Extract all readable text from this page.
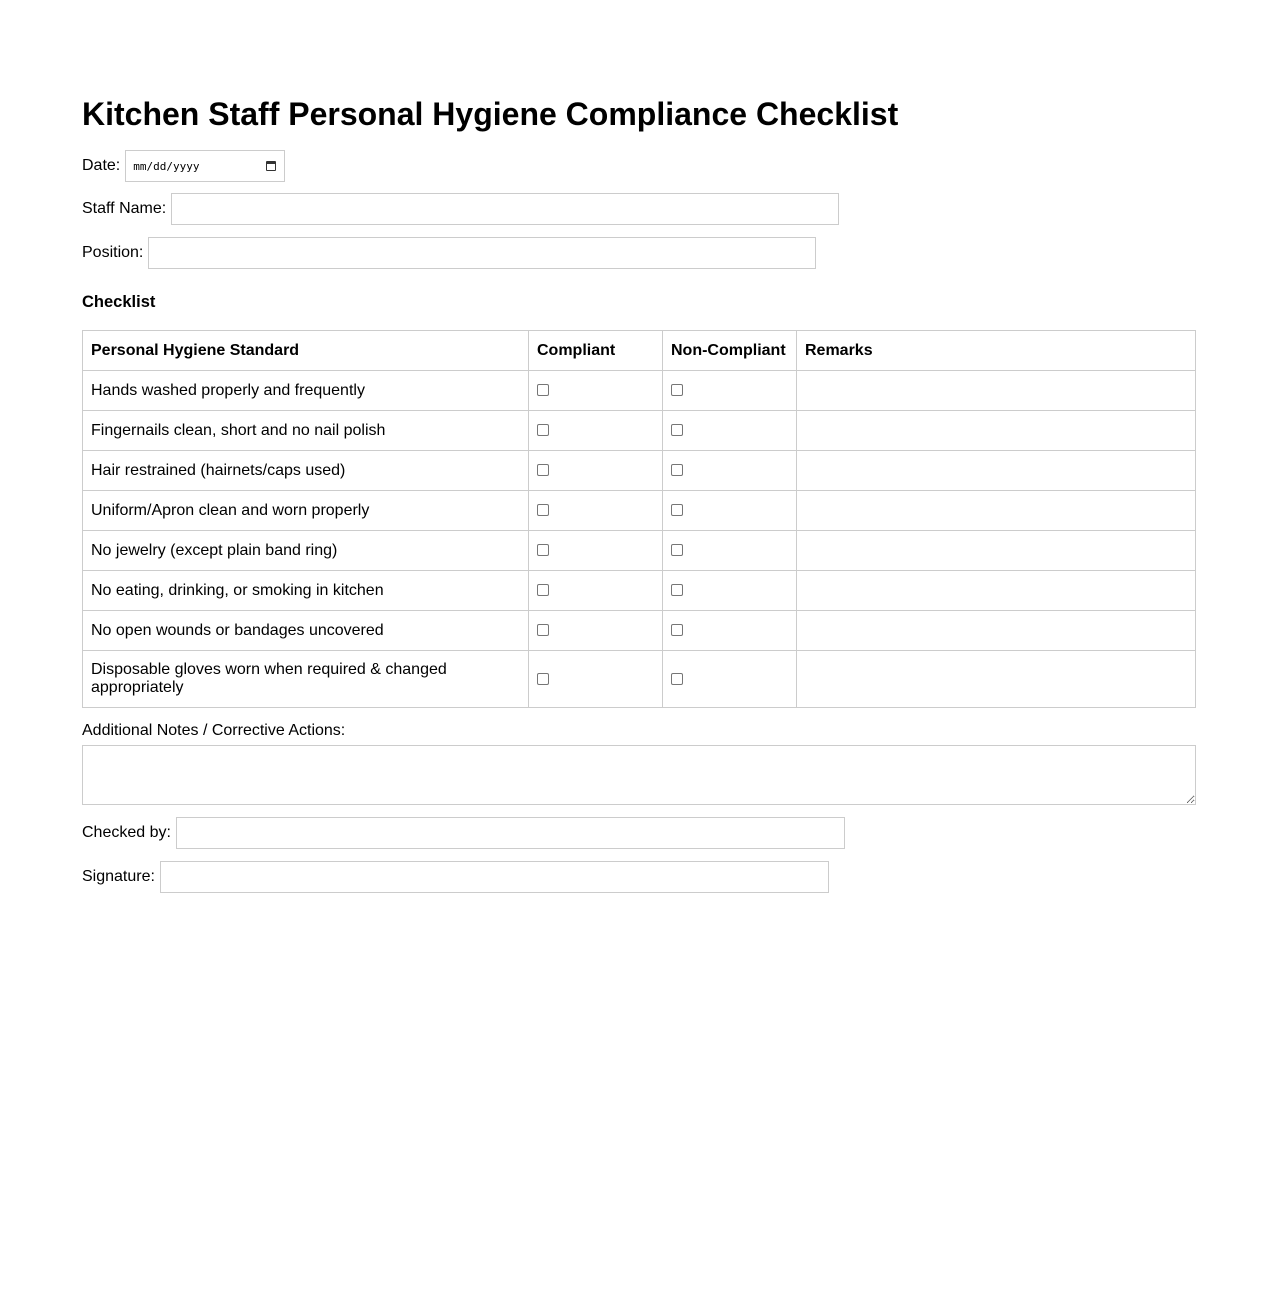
Kitchen Staff Personal Hygiene Compliance Checklist
Date: mm/dd/yyyy
Staff Name:
Position:
Checklist
Personal Hygiene Standard	Compliant	Non-Compliant	Remarks
Hands washed properly and frequently			
Fingernails clean, short and no nail polish			
Hair restrained (hairnets/caps used)			
Uniform/Apron clean and worn properly			
No jewelry (except plain band ring)			
No eating, drinking, or smoking in kitchen			
No open wounds or bandages uncovered			
Disposable gloves worn when required & changed appropriately			
Additional Notes / Corrective Actions:
Checked by:
Signature:
